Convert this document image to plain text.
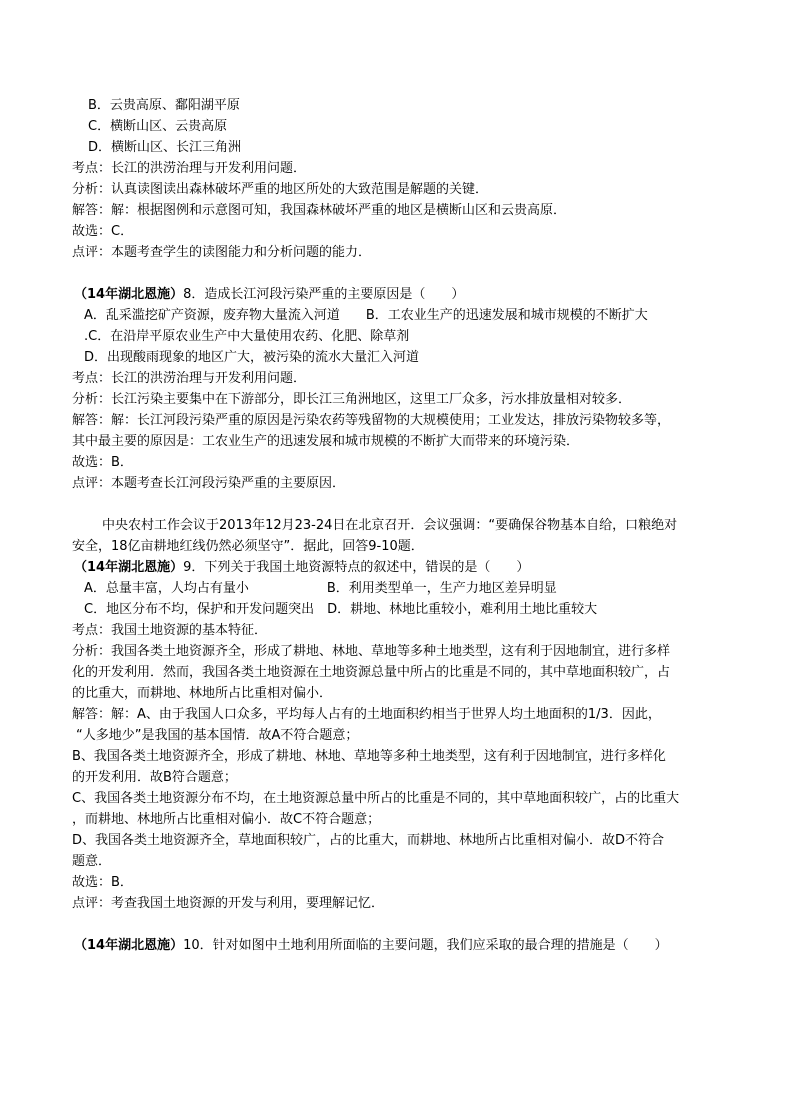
B．云贵高原、鄱阳湖平原
C．横断山区、云贵高原
D．横断山区、长江三角洲
考点：长江的洪涝治理与开发利用问题．
分析：认真读图读出森林破坏严重的地区所处的大致范围是解题的关键．
解答：解：根据图例和示意图可知，我国森林破坏严重的地区是横断山区和云贵高原．
故选：C．
点评：本题考查学生的读图能力和分析问题的能力．
（14年湖北恩施）8．造成长江河段污染严重的主要原因是（　　）
A．乱采滥挖矿产资源，废弃物大量流入河道　　B．工农业生产的迅速发展和城市规模的不断扩大
.C．在沿岸平原农业生产中大量使用农药、化肥、除草剂
D．出现酸雨现象的地区广大，被污染的流水大量汇入河道
考点：长江的洪涝治理与开发利用问题．
分析：长江污染主要集中在下游部分，即长江三角洲地区，这里工厂众多，污水排放量相对较多．
解答：解：长江河段污染严重的原因是污染农药等残留物的大规模使用；工业发达，排放污染物较多等，
其中最主要的原因是：工农业生产的迅速发展和城市规模的不断扩大而带来的环境污染．
故选：B．
点评：本题考查长江河段污染严重的主要原因．
中央农村工作会议于2013年12月23-24日在北京召开．会议强调：“要确保谷物基本自给，口粮绝对
安全，18亿亩耕地红线仍然必须坚守”．据此，回答9-10题．
（14年湖北恩施）9．下列关于我国土地资源特点的叙述中，错误的是（　　）
A．总量丰富，人均占有量小　　　　　　B．利用类型单一，生产力地区差异明显
C．地区分布不均，保护和开发问题突出　D．耕地、林地比重较小，难利用土地比重较大
考点：我国土地资源的基本特征．
分析：我国各类土地资源齐全，形成了耕地、林地、草地等多种土地类型，这有利于因地制宜，进行多样
化的开发利用．然而，我国各类土地资源在土地资源总量中所占的比重是不同的，其中草地面积较广，占
的比重大，而耕地、林地所占比重相对偏小．
解答：解：A、由于我国人口众多，平均每人占有的土地面积约相当于世界人均土地面积的1/3．因此，
“人多地少”是我国的基本国情．故A不符合题意；
B、我国各类土地资源齐全，形成了耕地、林地、草地等多种土地类型，这有利于因地制宜，进行多样化
的开发利用．故B符合题意；
C、我国各类土地资源分布不均，在土地资源总量中所占的比重是不同的，其中草地面积较广，占的比重大
，而耕地、林地所占比重相对偏小．故C不符合题意；
D、我国各类土地资源齐全，草地面积较广，占的比重大，而耕地、林地所占比重相对偏小．故D不符合
题意．
故选：B．
点评：考查我国土地资源的开发与利用，要理解记忆．
（14年湖北恩施）10．针对如图中土地利用所面临的主要问题，我们应采取的最合理的措施是（　　）
